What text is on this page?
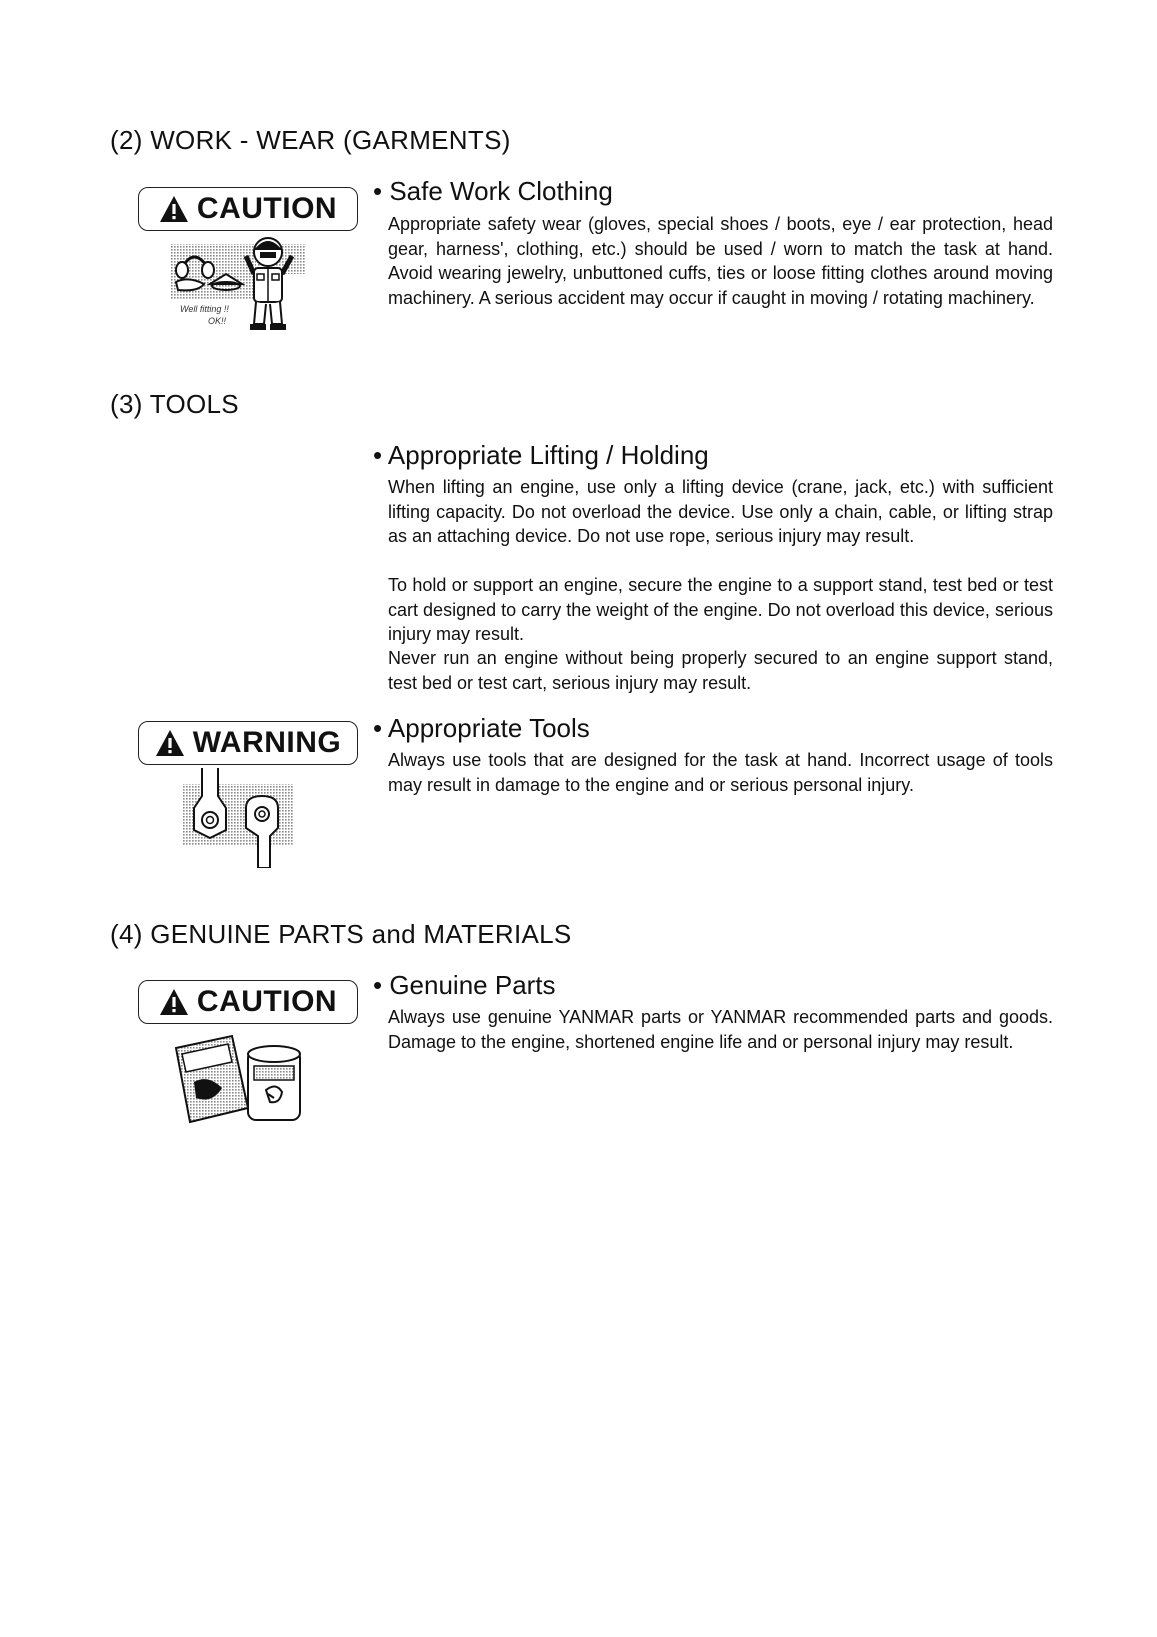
(2) WORK - WEAR (GARMENTS)
CAUTION
Well fitting !!
OK!!
• Safe Work Clothing

Appropriate safety wear (gloves, special shoes / boots, eye / ear protection, head gear, harness', clothing, etc.) should be used / worn to match the task at hand. Avoid wearing jewelry, unbuttoned cuffs, ties or loose fitting clothes around moving machinery. A serious accident may occur if caught in moving / rotating machinery.

(3) TOOLS
• Appropriate Lifting / Holding

When lifting an engine, use only a lifting device (crane, jack, etc.) with sufficient lifting capacity. Do not overload the device. Use only a chain, cable, or lifting strap as an attaching device. Do not use rope, serious injury may result.

To hold or support an engine, secure the engine to a support stand, test bed or test cart designed to carry the weight of the engine. Do not overload this device, serious injury may result.

Never run an engine without being properly secured to an engine support stand, test bed or test cart, serious injury may result.

WARNING • Appropriate Tools

Always use tools that are designed for the task at hand. Incorrect usage of tools may result in damage to the engine and or serious personal injury.

(4) GENUINE PARTS and MATERIALS
CAUTION • Genuine Parts

Always use genuine YANMAR parts or YANMAR recommended parts and goods. Damage to the engine, shortened engine life and or personal injury may result.
